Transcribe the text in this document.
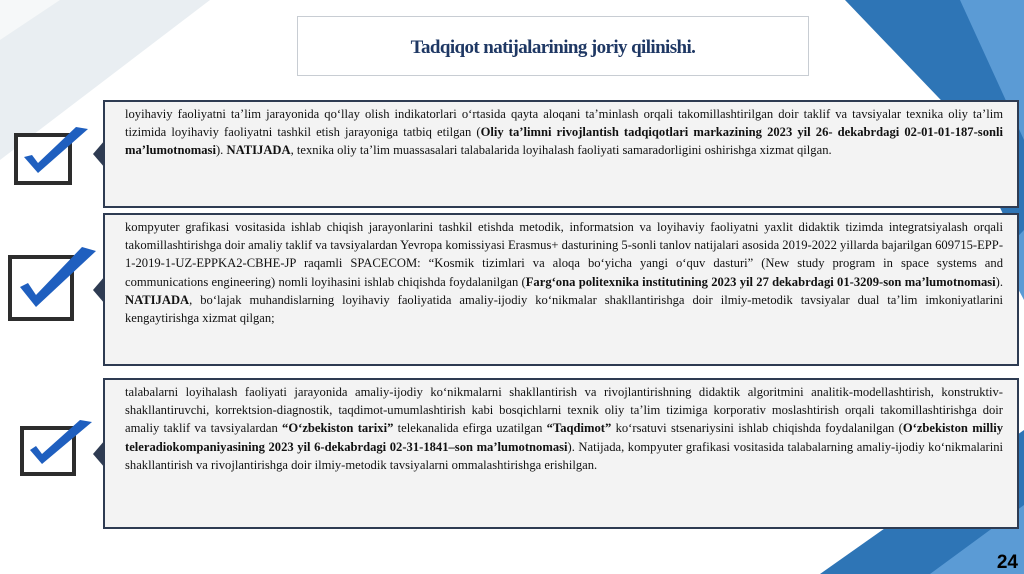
Tadqiqot natijalarining joriy qilinishi.

loyihaviy faoliyatni ta’lim jarayonida qo‘llay olish indikatorlari o‘rtasida qayta aloqani ta’minlash orqali takomillashtirilgan doir taklif va tavsiyalar texnika oliy ta’lim tizimida loyihaviy faoliyatni tashkil etish jarayoniga tatbiq etilgan (Oliy ta’limni rivojlantish tadqiqotlari markazining 2023 yil 26- dekabrdagi 02-01-01-187-sonli ma’lumotnomasi). NATIJADA, texnika oliy ta’lim muassasalari talabalarida loyihalash faoliyati samaradorligini oshirishga xizmat qilgan.

kompyuter grafikasi vositasida ishlab chiqish jarayonlarini tashkil etishda metodik, informatsion va loyihaviy faoliyatni yaxlit didaktik tizimda integratsiyalash orqali takomillashtirishga doir amaliy taklif va tavsiyalardan Yevropa komissiyasi Erasmus+ dasturining 5-sonli tanlov natijalari asosida 2019-2022 yillarda bajarilgan 609715-EPP-1-2019-1-UZ-EPPKA2-CBHE-JP raqamli SPACECOM: “Kosmik tizimlari va aloqa bo‘yicha yangi o‘quv dasturi” (New study program in space systems and communications engineering) nomli loyihasini ishlab chiqishda foydalanilgan (Farg‘ona politexnika institutining 2023 yil 27 dekabrdagi 01-3209-son ma’lumotnomasi). NATIJADA, bo‘lajak muhandislarning loyihaviy faoliyatida amaliy-ijodiy ko‘nikmalar shakllantirishga doir ilmiy-metodik tavsiyalar dual ta’lim imkoniyatlarini kengaytirishga xizmat qilgan;

talabalarni loyihalash faoliyati jarayonida amaliy-ijodiy ko‘nikmalarni shakllantirish va rivojlantirishning didaktik algoritmini analitik-modellashtirish, konstruktiv-shakllantiruvchi, korrektsion-diagnostik, taqdimot-umumlashtirish kabi bosqichlarni texnik oliy ta’lim tizimiga korporativ moslashtirish orqali takomillashtirishga doir amaliy taklif va tavsiyalardan “O‘zbekiston tarixi” telekanalida efirga uzatilgan “Taqdimot” ko‘rsatuvi stsenariysini ishlab chiqishda foydalanilgan (O‘zbekiston milliy teleradiokompaniyasining 2023 yil 6-dekabrdagi 02-31-1841–son ma’lumotnomasi). Natijada, kompyuter grafikasi vositasida talabalarning amaliy-ijodiy ko‘nikmalarini shakllantirish va rivojlantirishga doir ilmiy-metodik tavsiyalarni ommalashtirishga erishilgan.

24
